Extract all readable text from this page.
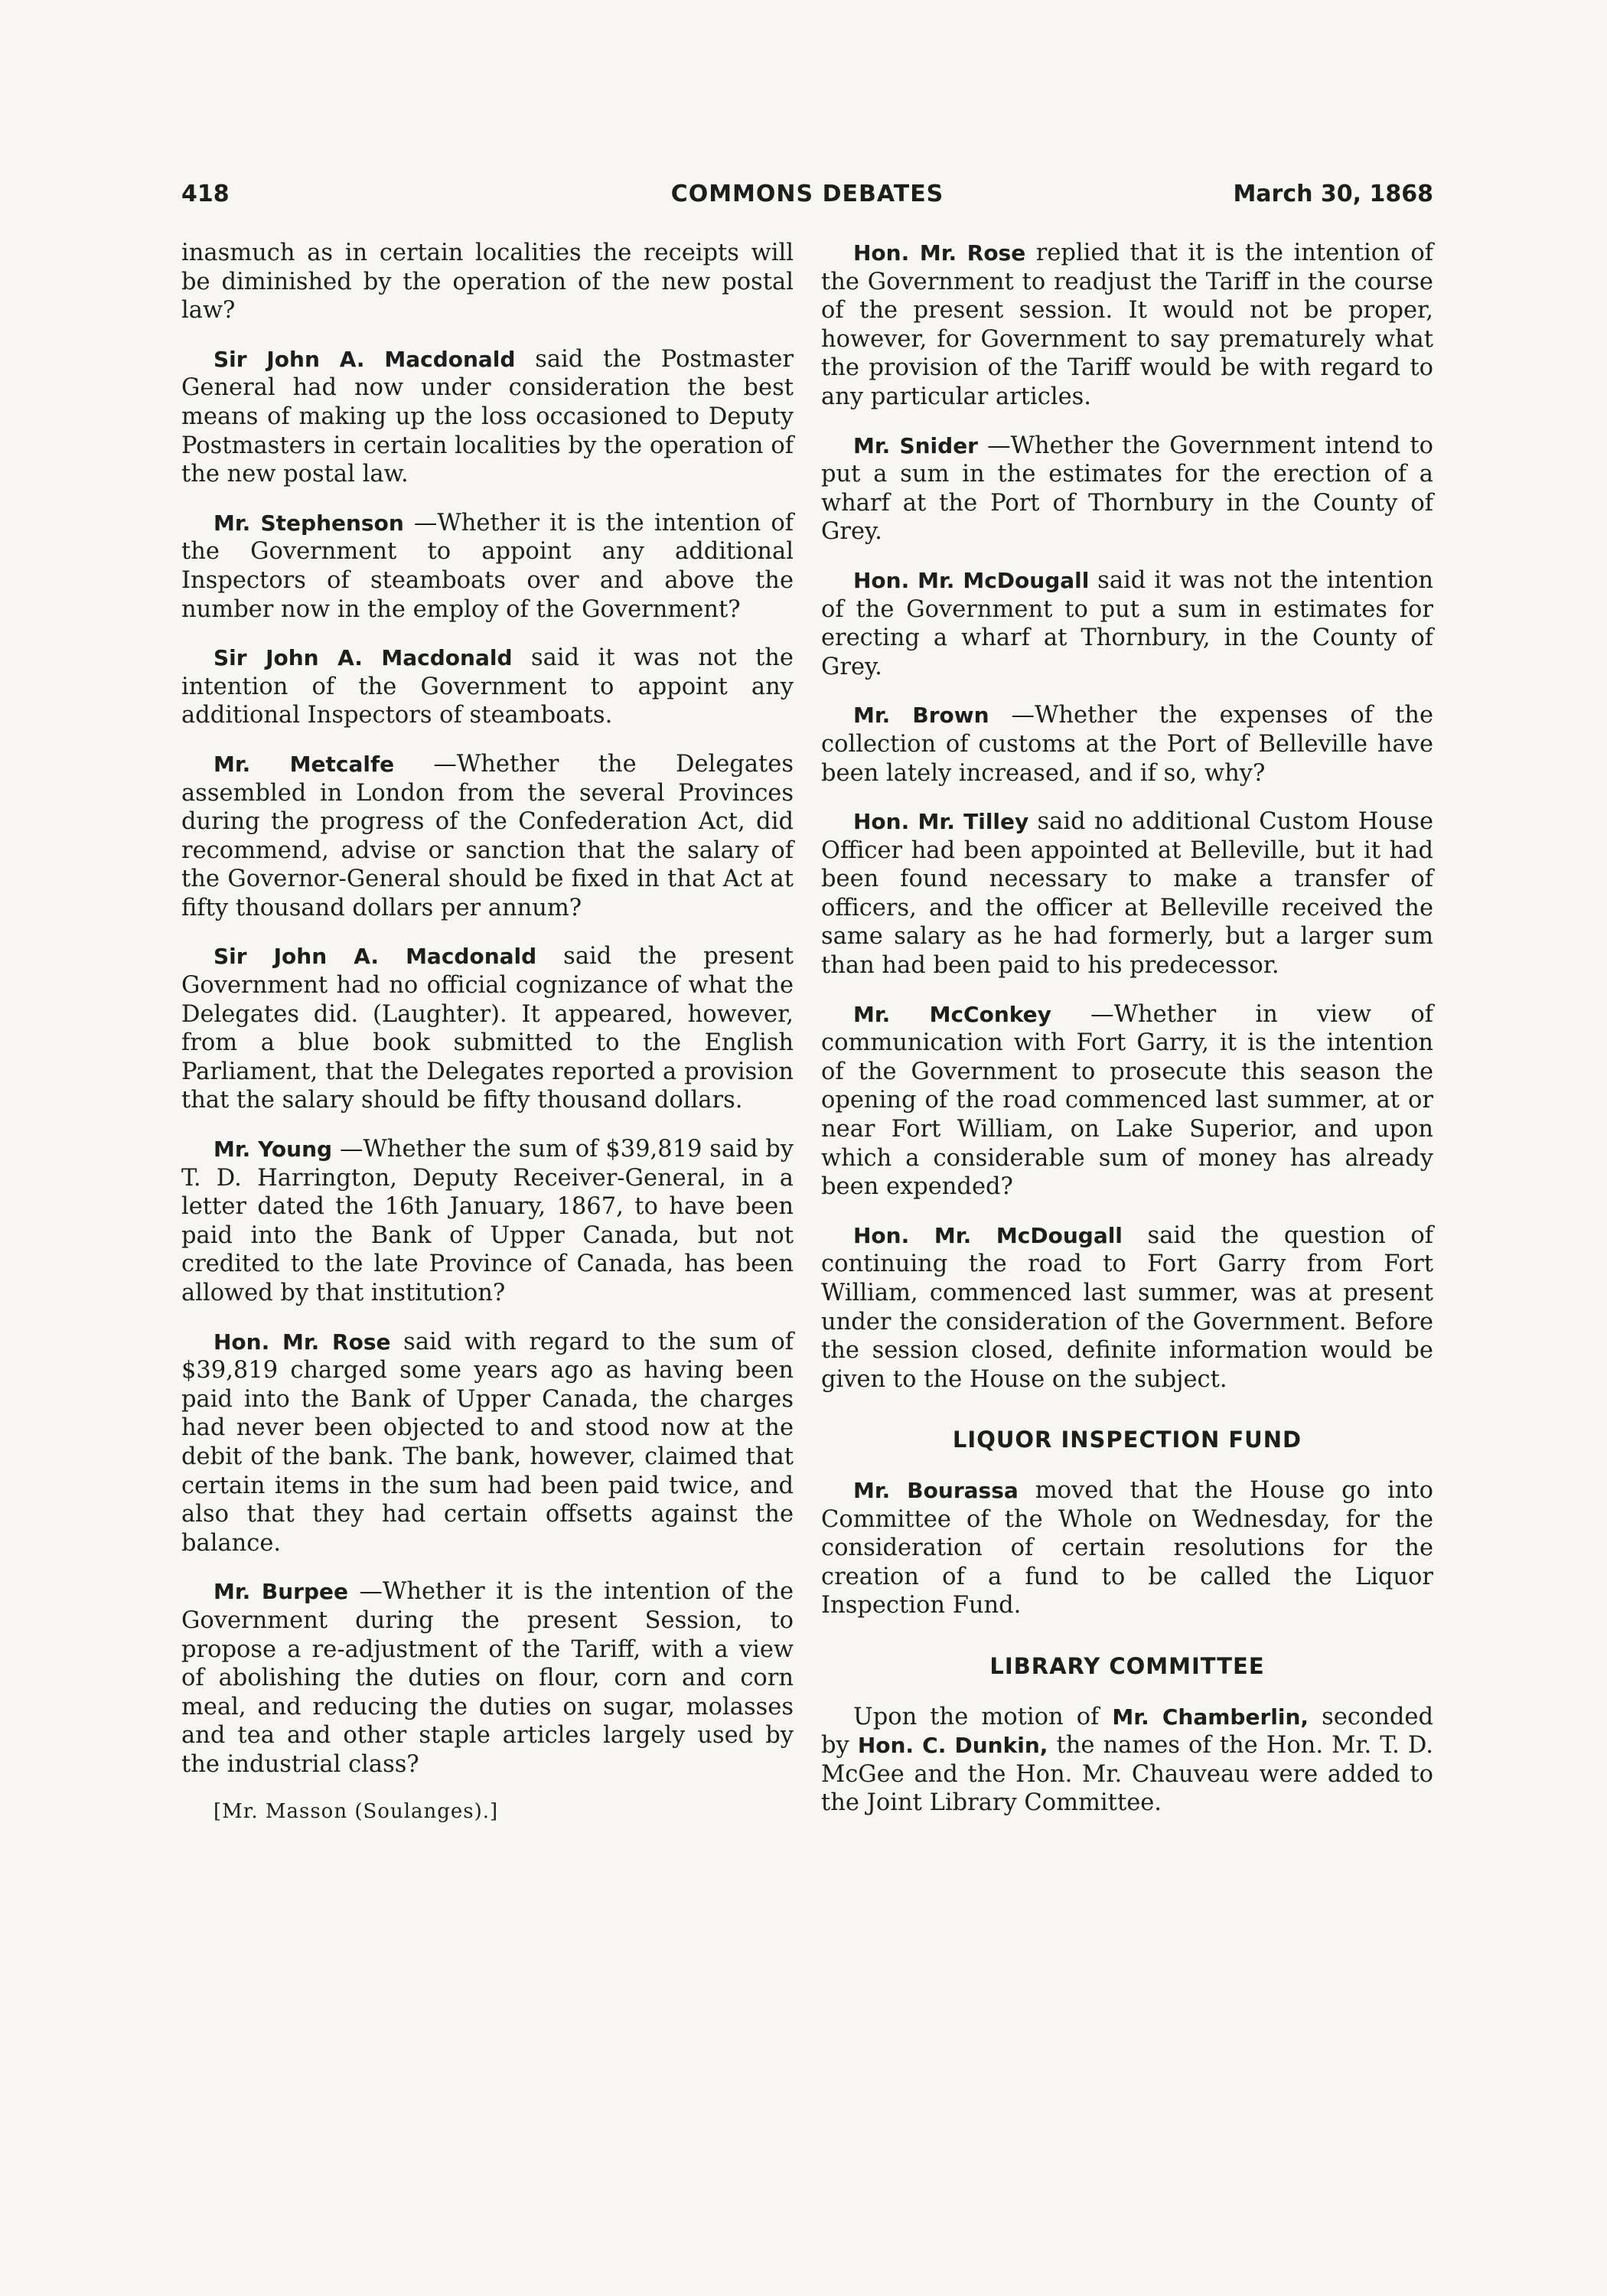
418	COMMONS DEBATES	March 30, 1868

inasmuch as in certain localities the receipts will be diminished by the operation of the new postal law?

Sir John A. Macdonald said the Postmaster General had now under consideration the best means of making up the loss occasioned to Deputy Postmasters in certain localities by the operation of the new postal law.

Mr. Stephenson —Whether it is the intention of the Government to appoint any additional Inspectors of steamboats over and above the number now in the employ of the Government?

Sir John A. Macdonald said it was not the intention of the Government to appoint any additional Inspectors of steamboats.

Mr. Metcalfe —Whether the Delegates assembled in London from the several Provinces during the progress of the Confederation Act, did recommend, advise or sanction that the salary of the Governor-General should be fixed in that Act at fifty thousand dollars per annum?

Sir John A. Macdonald said the present Government had no official cognizance of what the Delegates did. (Laughter). It appeared, however, from a blue book submitted to the English Parliament, that the Delegates reported a provision that the salary should be fifty thousand dollars.

Mr. Young —Whether the sum of $39,819 said by T. D. Harrington, Deputy Receiver-General, in a letter dated the 16th January, 1867, to have been paid into the Bank of Upper Canada, but not credited to the late Province of Canada, has been allowed by that institution?

Hon. Mr. Rose said with regard to the sum of $39,819 charged some years ago as having been paid into the Bank of Upper Canada, the charges had never been objected to and stood now at the debit of the bank. The bank, however, claimed that certain items in the sum had been paid twice, and also that they had certain offsetts against the balance.

Mr. Burpee —Whether it is the intention of the Government during the present Session, to propose a re-adjustment of the Tariff, with a view of abolishing the duties on flour, corn and corn meal, and reducing the duties on sugar, molasses and tea and other staple articles largely used by the industrial class?

[Mr. Masson (Soulanges).]

Hon. Mr. Rose replied that it is the intention of the Government to readjust the Tariff in the course of the present session. It would not be proper, however, for Government to say prematurely what the provision of the Tariff would be with regard to any particular articles.

Mr. Snider —Whether the Government intend to put a sum in the estimates for the erection of a wharf at the Port of Thornbury in the County of Grey.

Hon. Mr. McDougall said it was not the intention of the Government to put a sum in estimates for erecting a wharf at Thornbury, in the County of Grey.

Mr. Brown —Whether the expenses of the collection of customs at the Port of Belleville have been lately increased, and if so, why?

Hon. Mr. Tilley said no additional Custom House Officer had been appointed at Belleville, but it had been found necessary to make a transfer of officers, and the officer at Belleville received the same salary as he had formerly, but a larger sum than had been paid to his predecessor.

Mr. McConkey —Whether in view of communication with Fort Garry, it is the intention of the Government to prosecute this season the opening of the road commenced last summer, at or near Fort William, on Lake Superior, and upon which a considerable sum of money has already been expended?

Hon. Mr. McDougall said the question of continuing the road to Fort Garry from Fort William, commenced last summer, was at present under the consideration of the Government. Before the session closed, definite information would be given to the House on the subject.

LIQUOR INSPECTION FUND

Mr. Bourassa moved that the House go into Committee of the Whole on Wednesday, for the consideration of certain resolutions for the creation of a fund to be called the Liquor Inspection Fund.

LIBRARY COMMITTEE

Upon the motion of Mr. Chamberlin, seconded by Hon. C. Dunkin, the names of the Hon. Mr. T. D. McGee and the Hon. Mr. Chauveau were added to the Joint Library Committee.
